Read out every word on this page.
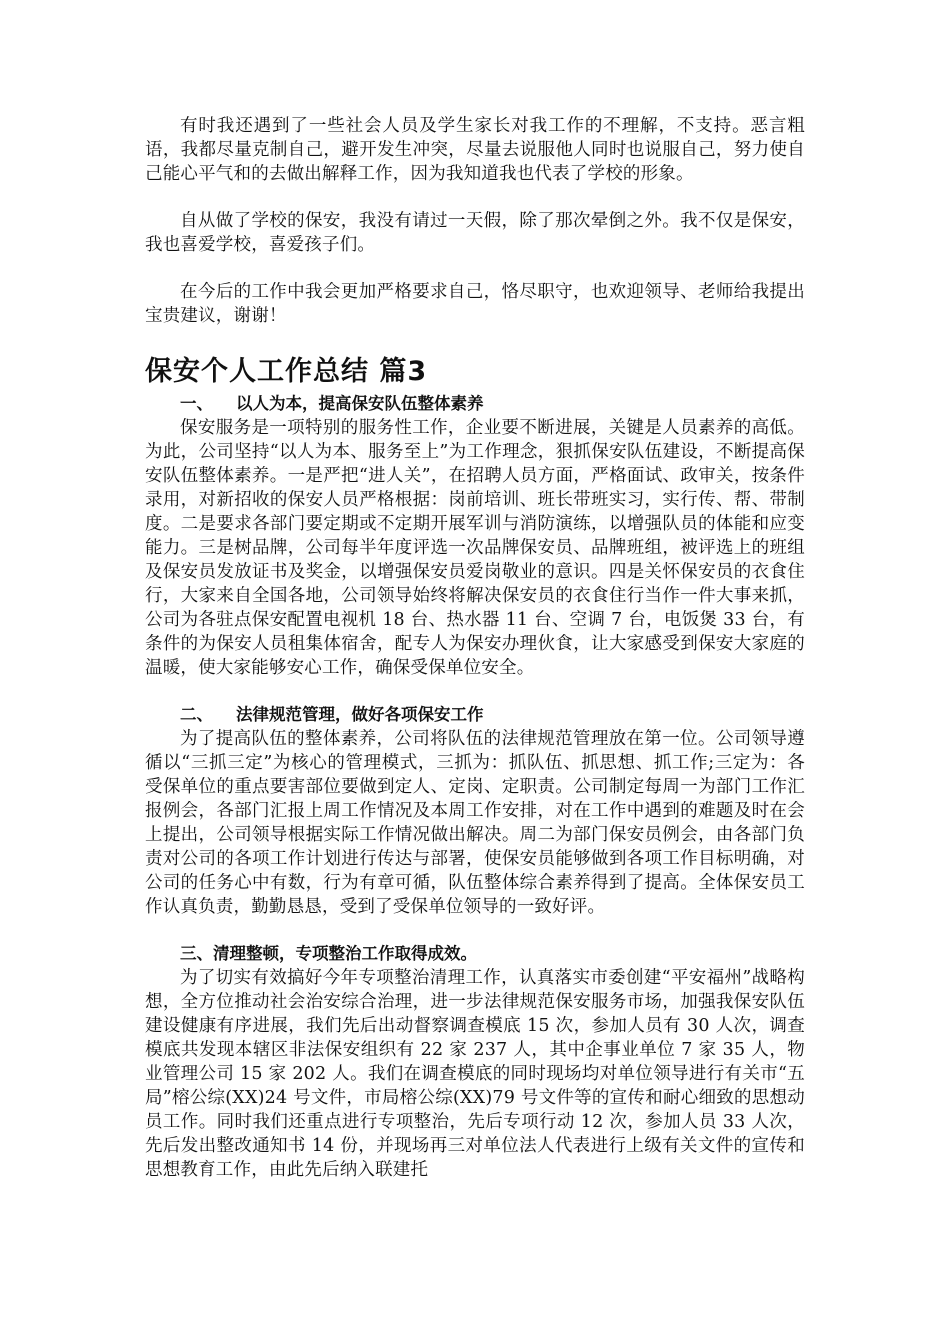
有时我还遇到了一些社会人员及学生家长对我工作的不理解，不支持。恶言粗语，我都尽量克制自己，避开发生冲突，尽量去说服他人同时也说服自己，努力使自己能心平气和的去做出解释工作，因为我知道我也代表了学校的形象。

自从做了学校的保安，我没有请过一天假，除了那次晕倒之外。我不仅是保安，我也喜爱学校，喜爱孩子们。

在今后的工作中我会更加严格要求自己，恪尽职守，也欢迎领导、老师给我提出宝贵建议，谢谢！

保安个人工作总结 篇3
一、 以人为本，提高保安队伍整体素养

保安服务是一项特别的服务性工作，企业要不断进展，关键是人员素养的高低。为此，公司坚持“以人为本、服务至上”为工作理念，狠抓保安队伍建设，不断提高保安队伍整体素养。一是严把“进人关”，在招聘人员方面，严格面试、政审关，按条件录用，对新招收的保安人员严格根据：岗前培训、班长带班实习，实行传、帮、带制度。二是要求各部门要定期或不定期开展军训与消防演练，以增强队员的体能和应变能力。三是树品牌，公司每半年度评选一次品牌保安员、品牌班组，被评选上的班组及保安员发放证书及奖金，以增强保安员爱岗敬业的意识。四是关怀保安员的衣食住行，大家来自全国各地，公司领导始终将解决保安员的衣食住行当作一件大事来抓，公司为各驻点保安配置电视机 18 台、热水器 11 台、空调 7 台，电饭煲 33 台，有条件的为保安人员租集体宿舍，配专人为保安办理伙食，让大家感受到保安大家庭的温暖，使大家能够安心工作，确保受保单位安全。

二、 法律规范管理，做好各项保安工作

为了提高队伍的整体素养，公司将队伍的法律规范管理放在第一位。公司领导遵循以“三抓三定”为核心的管理模式，三抓为：抓队伍、抓思想、抓工作;三定为：各受保单位的重点要害部位要做到定人、定岗、定职责。公司制定每周一为部门工作汇报例会，各部门汇报上周工作情况及本周工作安排，对在工作中遇到的难题及时在会上提出，公司领导根据实际工作情况做出解决。周二为部门保安员例会，由各部门负责对公司的各项工作计划进行传达与部署，使保安员能够做到各项工作目标明确，对公司的任务心中有数，行为有章可循，队伍整体综合素养得到了提高。全体保安员工作认真负责，勤勤恳恳，受到了受保单位领导的一致好评。

三、清理整顿，专项整治工作取得成效。

为了切实有效搞好今年专项整治清理工作，认真落实市委创建“平安福州”战略构想，全方位推动社会治安综合治理，进一步法律规范保安服务市场，加强我保安队伍建设健康有序进展，我们先后出动督察调查模底 15 次，参加人员有 30 人次，调查模底共发现本辖区非法保安组织有 22 家 237 人，其中企事业单位 7 家 35 人，物业管理公司 15 家 202 人。我们在调查模底的同时现场均对单位领导进行有关市“五局”榕公综(XX)24 号文件，市局榕公综(XX)79 号文件等的宣传和耐心细致的思想动员工作。同时我们还重点进行专项整治，先后专项行动 12 次，参加人员 33 人次，先后发出整改通知书 14 份，并现场再三对单位法人代表进行上级有关文件的宣传和思想教育工作，由此先后纳入联建托
